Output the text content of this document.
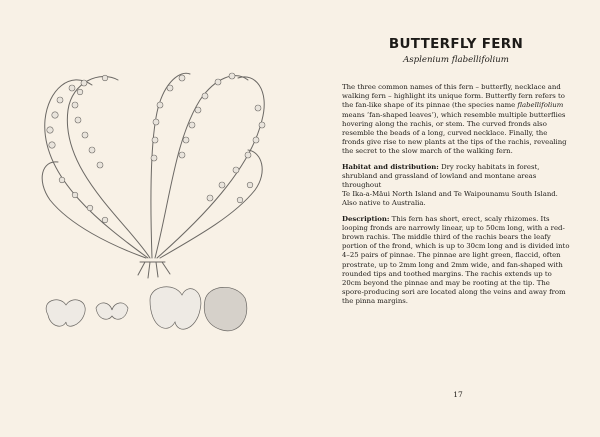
BUTTERFLY FERN

Asplenium flabellifolium

The three common names of this fern – butterfly, necklace and walking fern – highlight its unique form. Butterfly fern refers to the fan-like shape of its pinnae (the species name flabellifolium means ‘fan-shaped leaves’), which resemble multiple butterflies hovering along the rachis, or stem. The curved fronds also resemble the beads of a long, curved necklace. Finally, the fronds give rise to new plants at the tips of the rachis, revealing the secret to the slow march of the walking fern.

Habitat and distribution: Dry rocky habitats in forest, shrubland and grassland of lowland and montane areas throughout
Te Ika-a-Māui North Island and Te Waipounamu South Island.
Also native to Australia.

Description: This fern has short, erect, scaly rhizomes. Its looping fronds are narrowly linear, up to 50cm long, with a red-brown rachis. The middle third of the rachis bears the leafy portion of the frond, which is up to 30cm long and is divided into 4–25 pairs of pinnae. The pinnae are light green, flaccid, often prostrate, up to 2mm long and 2mm wide, and fan-shaped with rounded tips and toothed margins. The rachis extends up to 20cm beyond the pinnae and may be rooting at the tip. The spore-producing sori are located along the veins and away from the pinna margins.

17
